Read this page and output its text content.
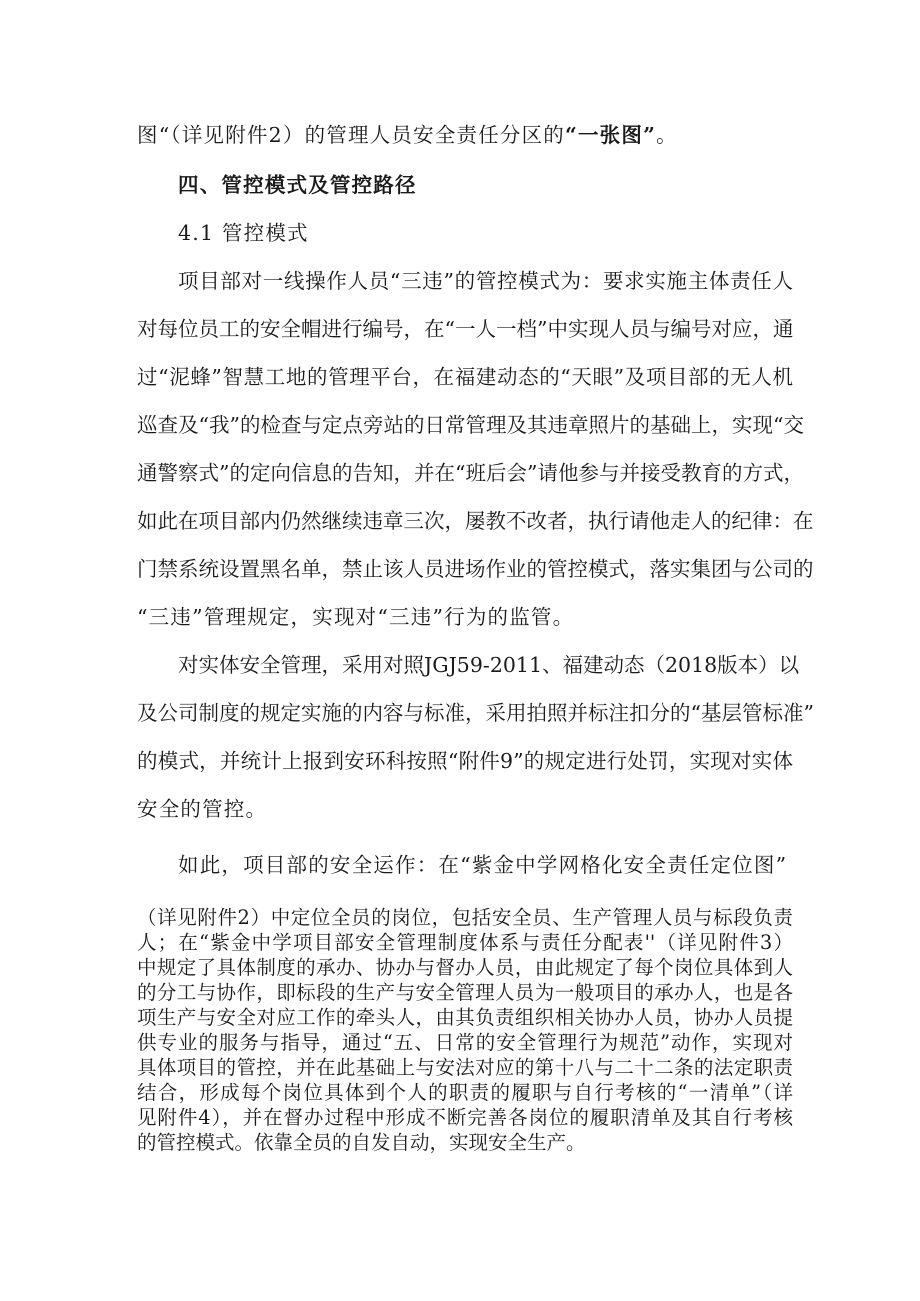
图“（详见附件2）的管理人员安全责任分区的“一张图”。
四、管控模式及管控路径
4.1 管控模式
项目部对一线操作人员“三违”的管控模式为：要求实施主体责任人
对每位员工的安全帽进行编号，在“一人一档”中实现人员与编号对应，通
过“泥蜂”智慧工地的管理平台，在福建动态的“天眼”及项目部的无人机
巡查及“我”的检查与定点旁站的日常管理及其违章照片的基础上，实现“交
通警察式”的定向信息的告知，并在“班后会”请他参与并接受教育的方式，
如此在项目部内仍然继续违章三次，屡教不改者，执行请他走人的纪律：在
门禁系统设置黑名单，禁止该人员进场作业的管控模式，落实集团与公司的
“三违”管理规定，实现对“三违”行为的监管。
对实体安全管理，采用对照JGJ59-2011、福建动态（2018版本）以
及公司制度的规定实施的内容与标准，采用拍照并标注扣分的“基层管标准”
的模式，并统计上报到安环科按照“附件9”的规定进行处罚，实现对实体
安全的管控。
如此，项目部的安全运作：在“紫金中学网格化安全责任定位图”
（详见附件2）中定位全员的岗位，包括安全员、生产管理人员与标段负责
人；在“紫金中学项目部安全管理制度体系与责任分配表''（详见附件3）
中规定了具体制度的承办、协办与督办人员，由此规定了每个岗位具体到人
的分工与协作，即标段的生产与安全管理人员为一般项目的承办人，也是各
项生产与安全对应工作的牵头人，由其负责组织相关协办人员，协办人员提
供专业的服务与指导，通过“五、日常的安全管理行为规范”动作，实现对
具体项目的管控，并在此基础上与安法对应的第十八与二十二条的法定职责
结合，形成每个岗位具体到个人的职责的履职与自行考核的“一清单”（详
见附件4），并在督办过程中形成不断完善各岗位的履职清单及其自行考核
的管控模式。依靠全员的自发自动，实现安全生产。
